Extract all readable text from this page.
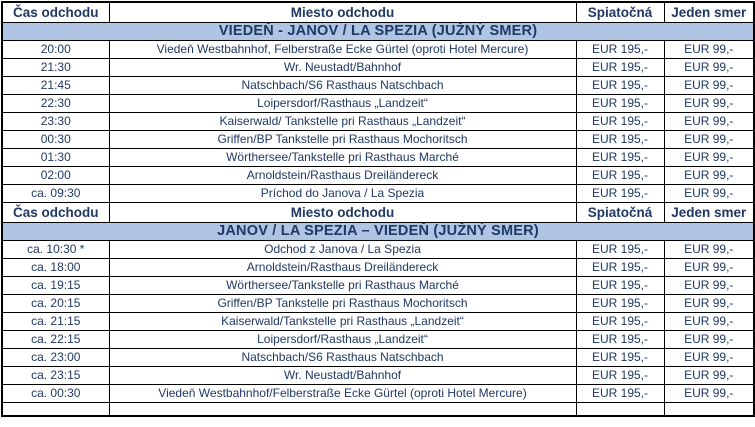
Čas odchodu	Miesto odchodu	Spiatočná	Jeden smer
VIEDEŇ - JANOV / LA SPEZIA (JUŽNÝ SMER)			
20:00	Viedeň Westbahnhof, Felberstraße Ecke Gürtel (oproti Hotel Mercure)	EUR 195,-	EUR 99,-
21:30	Wr. Neustadt/Bahnhof	EUR 195,-	EUR 99,-
21:45	Natschbach/S6 Rasthaus Natschbach	EUR 195,-	EUR 99,-
22:30	Loipersdorf/Rasthaus „Landzeit“	EUR 195,-	EUR 99,-
23:30	Kaiserwald/ Tankstelle pri Rasthaus „Landzeit“	EUR 195,-	EUR 99,-
00:30	Griffen/BP Tankstelle pri Rasthaus Mochoritsch	EUR 195,-	EUR 99,-
01:30	Wörthersee/Tankstelle pri Rasthaus Marché	EUR 195,-	EUR 99,-
02:00	Arnoldstein/Rasthaus Dreiländereck	EUR 195,-	EUR 99,-
ca. 09:30	Príchod do Janova / La Spezia	EUR 195,-	EUR 99,-
Čas odchodu	Miesto odchodu	Spiatočná	Jeden smer
JANOV / LA SPEZIA – VIEDEŇ (JUŽNÝ SMER)			
ca. 10:30 *	Odchod z Janova / La Spezia	EUR 195,-	EUR 99,-
ca. 18:00	Arnoldstein/Rasthaus Dreiländereck	EUR 195,-	EUR 99,-
ca. 19:15	Wörthersee/Tankstelle pri Rasthaus Marché	EUR 195,-	EUR 99,-
ca. 20:15	Griffen/BP Tankstelle pri Rasthaus Mochoritsch	EUR 195,-	EUR 99,-
ca. 21:15	Kaiserwald/Tankstelle pri Rasthaus „Landzeit“	EUR 195,-	EUR 99,-
ca. 22:15	Loipersdorf/Rasthaus „Landzeit“	EUR 195,-	EUR 99,-
ca. 23:00	Natschbach/S6 Rasthaus Natschbach	EUR 195,-	EUR 99,-
ca. 23:15	Wr. Neustadt/Bahnhof	EUR 195,-	EUR 99,-
ca. 00:30	Viedeň Westbahnhof/Felberstraße Ecke Gürtel (oproti Hotel Mercure)	EUR 195,-	EUR 99,-
